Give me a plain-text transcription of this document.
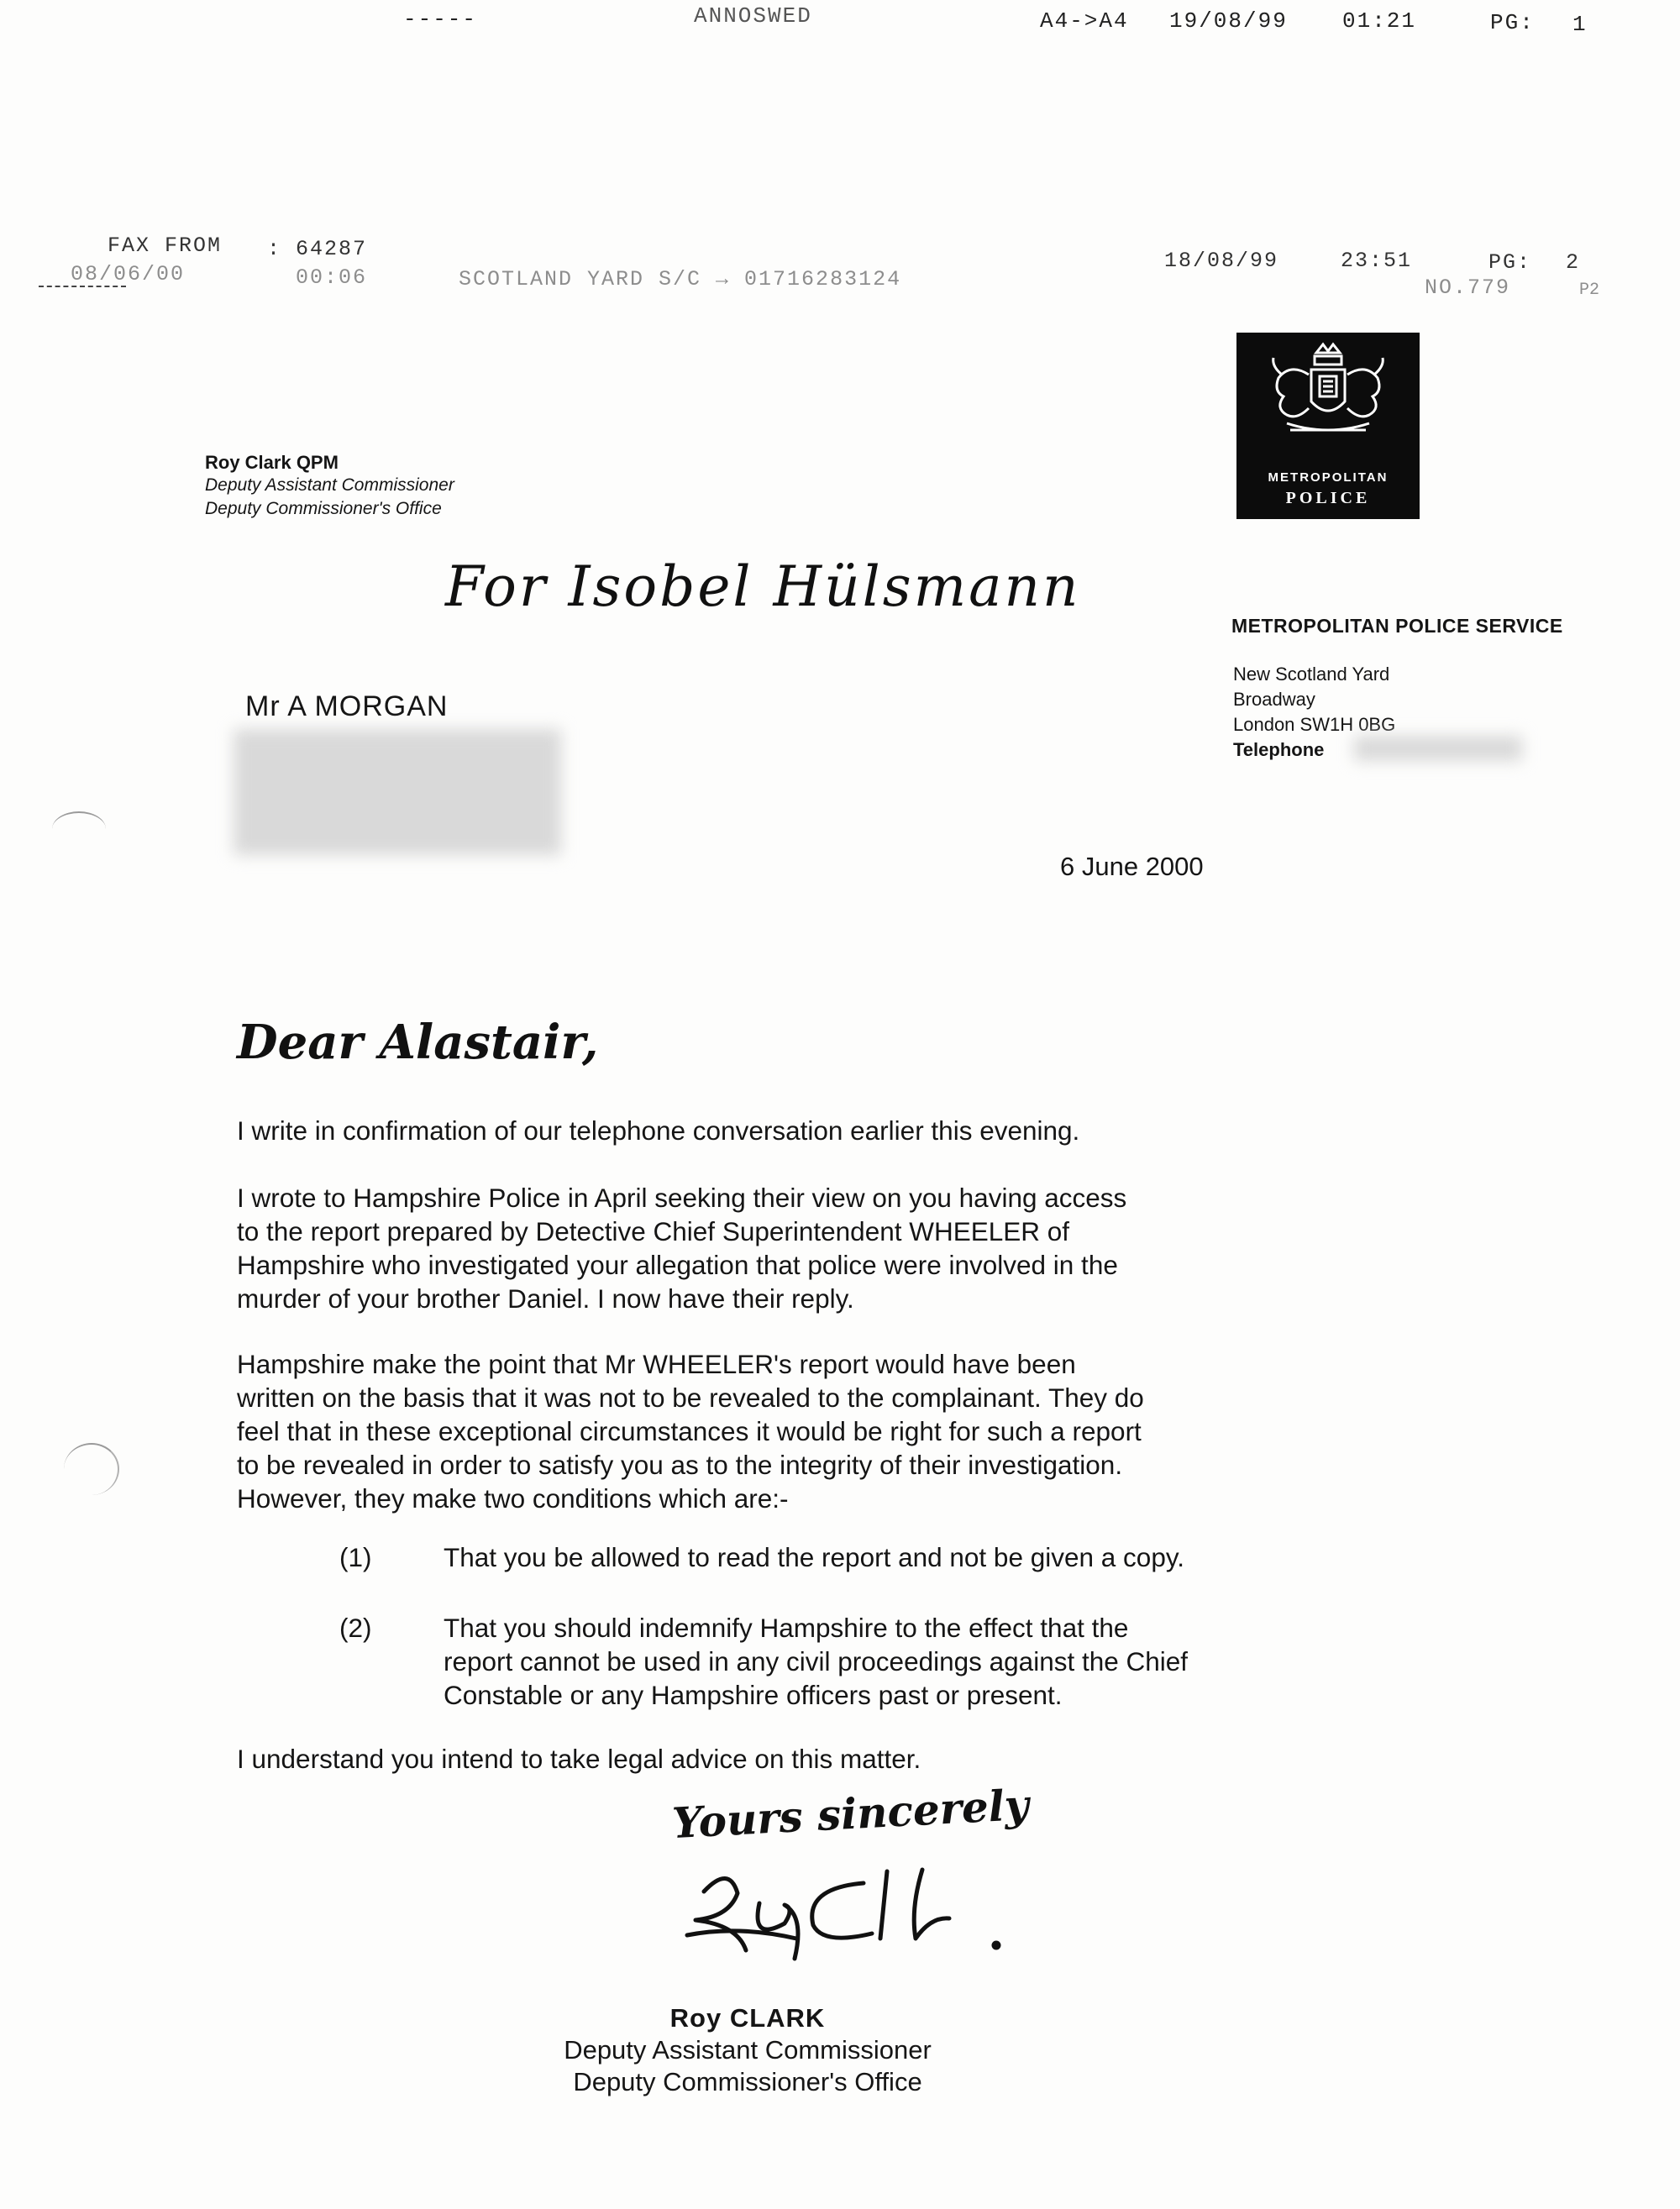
-----	ANNOSWED	A4->A4 19/08/99	01:21	PG: 1
FAX FROM : 64287
08/06/00	00:06	SCOTLAND YARD S/C → 01716283124
18/08/99	23:51	PG: 2
NO.779	P2
Roy Clark QPM
Deputy Assistant Commissioner
Deputy Commissioner's Office
METROPOLITAN
POLICE
For Isobel Hülsmann
METROPOLITAN POLICE SERVICE
New Scotland Yard
Broadway
London SW1H 0BG
Telephone
Mr A MORGAN
6 June 2000
Dear Alastair,
I write in confirmation of our telephone conversation earlier this evening.
I wrote to Hampshire Police in April seeking their view on you having access
to the report prepared by Detective Chief Superintendent WHEELER of
Hampshire who investigated your allegation that police were involved in the
murder of your brother Daniel. I now have their reply.
Hampshire make the point that Mr WHEELER's report would have been
written on the basis that it was not to be revealed to the complainant. They do
feel that in these exceptional circumstances it would be right for such a report
to be revealed in order to satisfy you as to the integrity of their investigation.
However, they make two conditions which are:-
(1)	That you be allowed to read the report and not be given a copy.
(2)	That you should indemnify Hampshire to the effect that the
report cannot be used in any civil proceedings against the Chief
Constable or any Hampshire officers past or present.
I understand you intend to take legal advice on this matter.
Yours sincerely
Roy CLARK
Deputy Assistant Commissioner
Deputy Commissioner's Office
